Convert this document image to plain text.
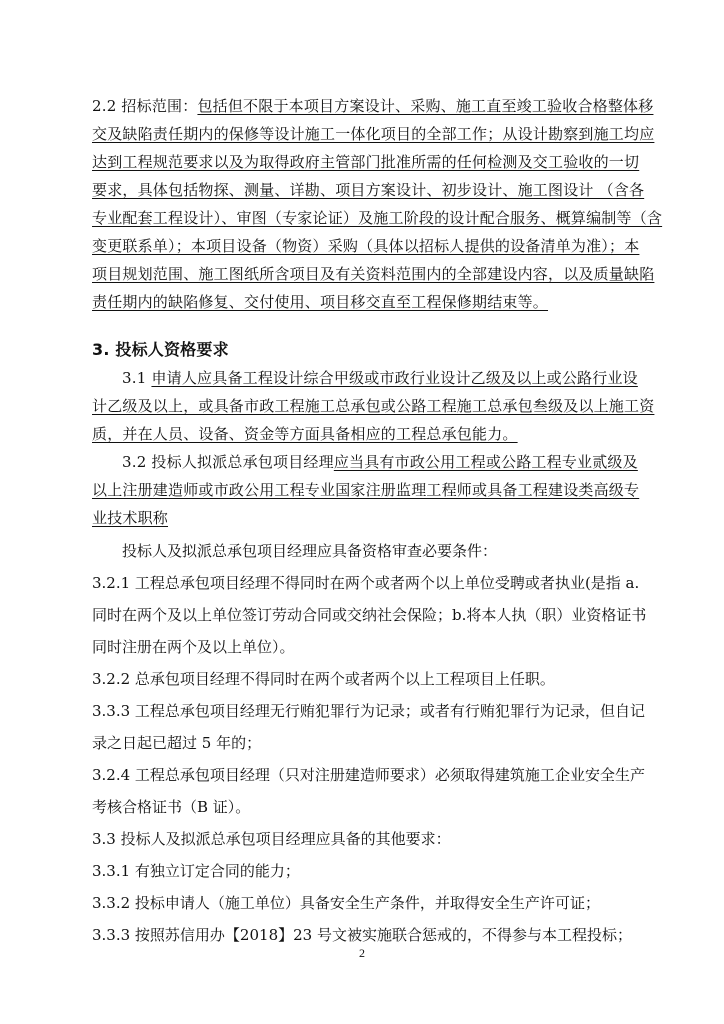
2.2 招标范围：包括但不限于本项目方案设计、采购、施工直至竣工验收合格整体移
交及缺陷责任期内的保修等设计施工一体化项目的全部工作；从设计勘察到施工均应
达到工程规范要求以及为取得政府主管部门批准所需的任何检测及交工验收的一切
要求，具体包括物探、测量、详勘、项目方案设计、初步设计、施工图设计 （含各
专业配套工程设计）、审图（专家论证）及施工阶段的设计配合服务、概算编制等（含
变更联系单）；本项目设备（物资）采购（具体以招标人提供的设备清单为准）；本
项目规划范围、施工图纸所含项目及有关资料范围内的全部建设内容，以及质量缺陷
责任期内的缺陷修复、交付使用、项目移交直至工程保修期结束等。
3. 投标人资格要求
3.1 申请人应具备工程设计综合甲级或市政行业设计乙级及以上或公路行业设
计乙级及以上，或具备市政工程施工总承包或公路工程施工总承包叁级及以上施工资
质，并在人员、设备、资金等方面具备相应的工程总承包能力。
3.2 投标人拟派总承包项目经理应当具有市政公用工程或公路工程专业贰级及
以上注册建造师或市政公用工程专业国家注册监理工程师或具备工程建设类高级专
业技术职称
投标人及拟派总承包项目经理应具备资格审查必要条件：
3.2.1 工程总承包项目经理不得同时在两个或者两个以上单位受聘或者执业(是指 a.
同时在两个及以上单位签订劳动合同或交纳社会保险；b.将本人执（职）业资格证书
同时注册在两个及以上单位）。
3.2.2 总承包项目经理不得同时在两个或者两个以上工程项目上任职。
3.3.3 工程总承包项目经理无行贿犯罪行为记录；或者有行贿犯罪行为记录，但自记
录之日起已超过 5 年的；
3.2.4 工程总承包项目经理（只对注册建造师要求）必须取得建筑施工企业安全生产
考核合格证书（B 证）。
3.3 投标人及拟派总承包项目经理应具备的其他要求：
3.3.1 有独立订定合同的能力；
3.3.2 投标申请人（施工单位）具备安全生产条件，并取得安全生产许可证；
3.3.3 按照苏信用办【2018】23 号文被实施联合惩戒的，不得参与本工程投标；
2
